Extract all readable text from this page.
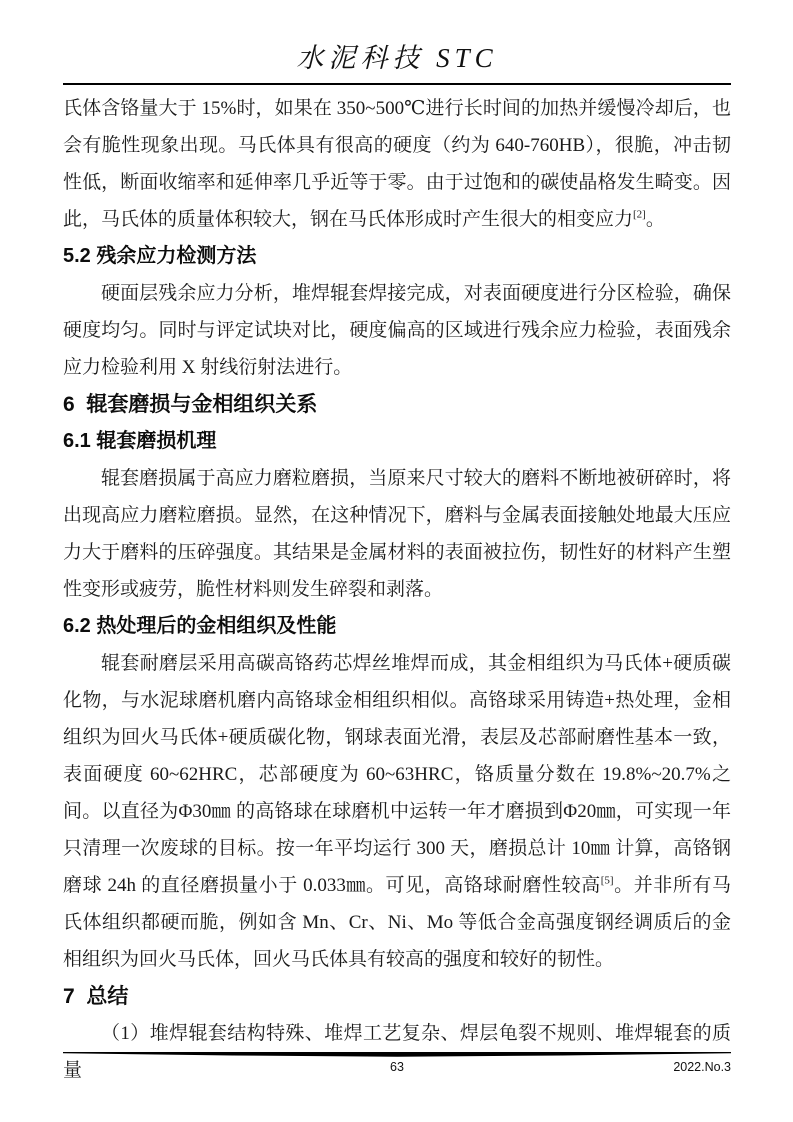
水泥科技 STC

氏体含铬量大于 15%时，如果在 350~500℃进行长时间的加热并缓慢冷却后，也会有脆性现象出现。马氏体具有很高的硬度（约为 640-760HB），很脆，冲击韧性低，断面收缩率和延伸率几乎近等于零。由于过饱和的碳使晶格发生畸变。因此，马氏体的质量体积较大，钢在马氏体形成时产生很大的相变应力[2]。

5.2 残余应力检测方法

硬面层残余应力分析，堆焊辊套焊接完成，对表面硬度进行分区检验，确保硬度均匀。同时与评定试块对比，硬度偏高的区域进行残余应力检验，表面残余应力检验利用 X 射线衍射法进行。

6  辊套磨损与金相组织关系
6.1 辊套磨损机理

辊套磨损属于高应力磨粒磨损，当原来尺寸较大的磨料不断地被研碎时，将出现高应力磨粒磨损。显然，在这种情况下，磨料与金属表面接触处地最大压应力大于磨料的压碎强度。其结果是金属材料的表面被拉伤，韧性好的材料产生塑性变形或疲劳，脆性材料则发生碎裂和剥落。

6.2 热处理后的金相组织及性能

辊套耐磨层采用高碳高铬药芯焊丝堆焊而成，其金相组织为马氏体+硬质碳化物，与水泥球磨机磨内高铬球金相组织相似。高铬球采用铸造+热处理，金相组织为回火马氏体+硬质碳化物，钢球表面光滑，表层及芯部耐磨性基本一致，表面硬度 60~62HRC，芯部硬度为 60~63HRC，铬质量分数在 19.8%~20.7%之间。以直径为Φ30㎜ 的高铬球在球磨机中运转一年才磨损到Φ20㎜，可实现一年只清理一次废球的目标。按一年平均运行 300 天，磨损总计 10㎜ 计算，高铬钢磨球 24h 的直径磨损量小于 0.033㎜。可见，高铬球耐磨性较高[5]。并非所有马氏体组织都硬而脆，例如含 Mn、Cr、Ni、Mo 等低合金高强度钢经调质后的金相组织为回火马氏体，回火马氏体具有较高的强度和较好的韧性。

7  总结

（1）堆焊辊套结构特殊、堆焊工艺复杂、焊层龟裂不规则、堆焊辊套的质量	63	2022.No.3
